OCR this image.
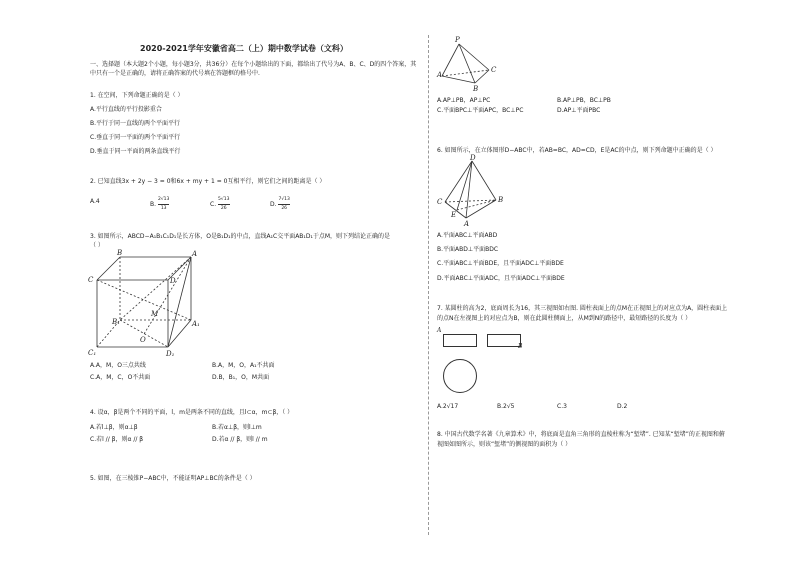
2020-2021学年安徽省高二（上）期中数学试卷（文科）
一、选择题（本大题2个小题，每小题3分，共36分）在每个小题给出的下面，都给出了代号为A、B、C、D的四个答案，其中只有一个是正确的，请将正确答案的代号填在答题框的格号中.
1. 在空间，下列命题正确的是（ ）
A.平行直线的平行投影重合
B.平行于同一直线的两个平面平行
C.垂直于同一平面的两个平面平行
D.垂直于同一平面的两条直线平行
2. 已知直线3x + 2y − 3 = 0和6x + my + 1 = 0互相平行，则它们之间的距离是（ ）
A.4	B. $\frac{2√13}{13}$	C. $\frac{5√13}{26}$	D. $\frac{7√13}{26}$
3. 如图所示，ABCD−A₁B₁C₁D₁是长方体，O是B₁D₁的中点，直线A₁C交平面AB₁D₁于点M，则下列结论正确的是
（ ）
B	A
C	D
B₁	A₁
M
O
C₁	D₁
A.A，M，O三点共线	B.A，M，O，A₁不共面
C.A，M，C，O不共面	D.B，B₁，O，M共面
4. 设α，β是两个不同的平面，l，m是两条不同的直线，且l⊂α，m⊂β，（ ）
A.若l⊥β，则α⊥β	B.若α⊥β，则l⊥m
C.若l // β，则α // β	D.若α // β，则l // m
5. 如图，在三棱锥P−ABC中，不能证明AP⊥BC的条件是（ ）
P
A
B
C
A.AP⊥PB，AP⊥PC	B.AP⊥PB，BC⊥PB
C.平面BPC⊥平面APC，BC⊥PC	D.AP⊥平面PBC
6. 如图所示，在立体图形D−ABC中，若AB=BC，AD=CD，E是AC的中点，则下列命题中正确的是（ ）
D
B
C
E
A
A.平面ABC⊥平面ABD
B.平面ABD⊥平面BDC
C.平面ABC⊥平面BDE，且平面ADC⊥平面BDE
D.平面ABC⊥平面ADC，且平面ADC⊥平面BDE
7. 某圆柱的高为2，底面周长为16，其三视图如右图. 圆柱表面上的点M在正视图上的对应点为A，圆柱表面上
的点N在左视图上的对应点为B，则在此圆柱侧面上，从M到N的路径中，最短路径的长度为（ ）
A
B
A.2√17	B.2√5	C.3	D.2
8. 中国古代数学名著《九章算术》中，将底面是直角三角形的直棱柱称为“堑堵”. 已知某“堑堵”的正视图和俯
视图如图所示，则该“堑堵”的侧视图的面积为（ ）
